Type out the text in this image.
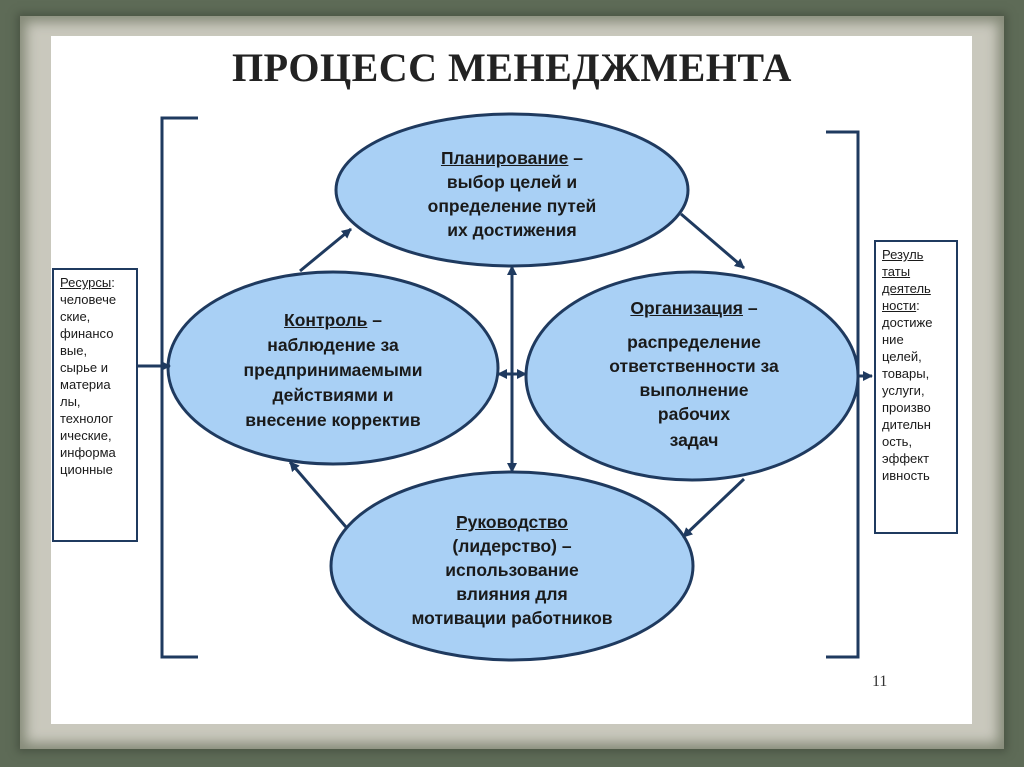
ПРОЦЕСС МЕНЕДЖМЕНТА
Планирование –
выбор целей и
определение путей
их достижения
Контроль –
наблюдение за
предпринимаемыми
действиями и
внесение корректив
Организация –
распределение
ответственности за
выполнение
рабочих
задач
Руководство
(лидерство) –
использование
влияния для
мотивации работников
Ресурсы:
человече
ские,
финансо
вые,
сырье и
материа
лы,
технолог
ические,
информа
ционные
Резуль
таты
деятель
ности:
достиже
ние
целей,
товары,
услуги,
произво
дительн
ость,
эффект
ивность
11
